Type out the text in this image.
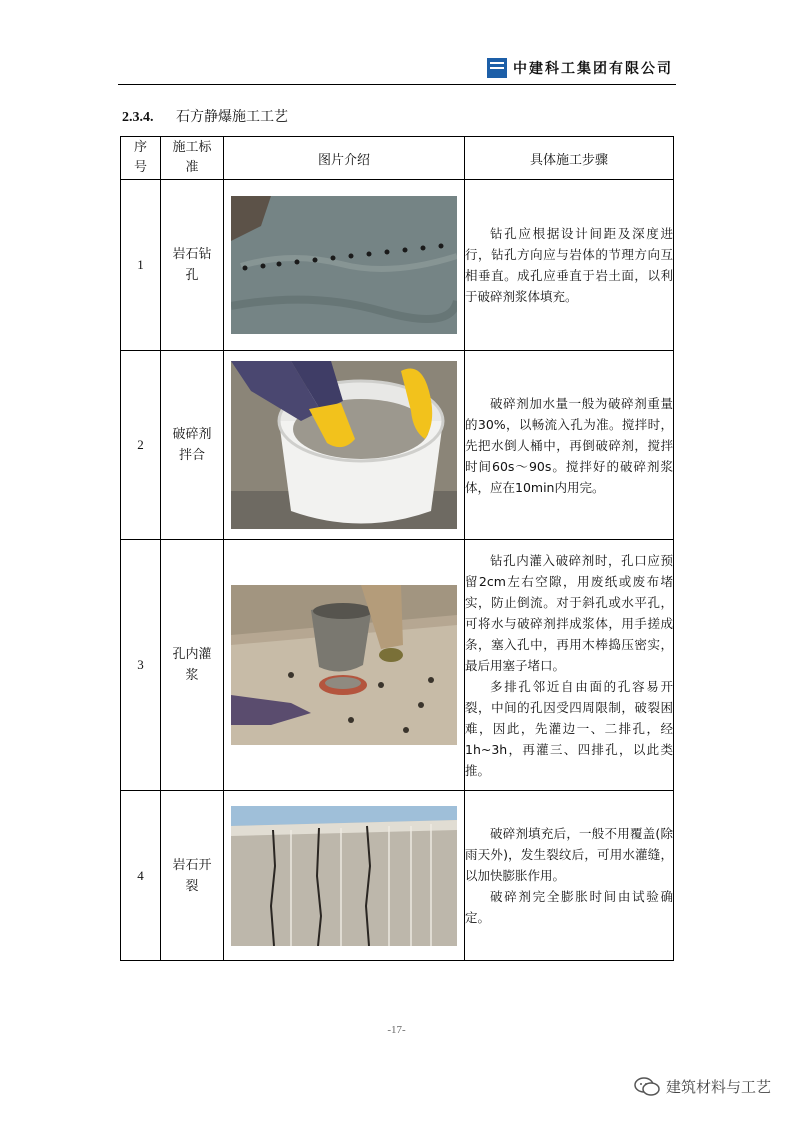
中建科工集团有限公司
2.3.4. 石方静爆施工工艺
序号	施工标准	图片介绍	具体施工步骤
1	岩石钻孔		钻孔应根据设计间距及深度进行，钻孔方向应与岩体的节理方向互相垂直。成孔应垂直于岩土面，以利于破碎剂浆体填充。

2	破碎剂拌合		破碎剂加水量一般为破碎剂重量的30%，以畅流入孔为准。搅拌时，先把水倒人桶中，再倒破碎剂，搅拌时间60s～90s。搅拌好的破碎剂浆体，应在10min内用完。

3	孔内灌浆		钻孔内灌入破碎剂时，孔口应预留2cm左右空隙，用废纸或废布堵实，防止倒流。对于斜孔或水平孔，可将水与破碎剂拌成浆体，用手搓成条，塞入孔中，再用木棒捣压密实，最后用塞子堵口。

多排孔邻近自由面的孔容易开裂，中间的孔因受四周限制，破裂困难，因此，先灌边一、二排孔，经1h~3h，再灌三、四排孔，以此类推。

4	岩石开裂		破碎剂填充后，一般不用覆盖(除雨天外)，发生裂纹后，可用水灌缝，以加快膨胀作用。

破碎剂完全膨胀时间由试验确定。

-17-
建筑材料与工艺
